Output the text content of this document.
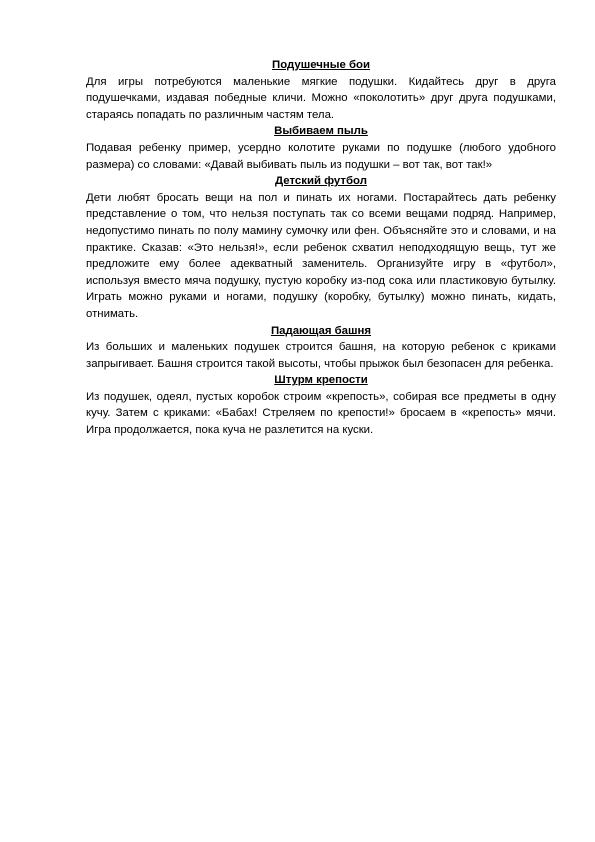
Подушечные бои

Для игры потребуются маленькие мягкие подушки. Кидайтесь друг в друга подушечками, издавая победные кличи. Можно «поколотить» друг друга подушками, стараясь попадать по различным частям тела.

Выбиваем пыль

Подавая ребенку пример, усердно колотите руками по подушке (любого удобного размера) со словами: «Давай выбивать пыль из подушки – вот так, вот так!»

Детский футбол

Дети любят бросать вещи на пол и пинать их ногами. Постарайтесь дать ребенку представление о том, что нельзя поступать так со всеми вещами подряд. Например, недопустимо пинать по полу мамину сумочку или фен. Объясняйте это и словами, и на практике. Сказав: «Это нельзя!», если ребенок схватил неподходящую вещь, тут же предложите ему более адекватный заменитель. Организуйте игру в «футбол», используя вместо мяча подушку, пустую коробку из-под сока или пластиковую бутылку. Играть можно руками и ногами, подушку (коробку, бутылку) можно пинать, кидать, отнимать.

Падающая башня

Из больших и маленьких подушек строится башня, на которую ребенок с криками запрыгивает. Башня строится такой высоты, чтобы прыжок был безопасен для ребенка.

Штурм крепости

Из подушек, одеял, пустых коробок строим «крепость», собирая все предметы в одну кучу. Затем с криками: «Бабах! Стреляем по крепости!» бросаем в «крепость» мячи. Игра продолжается, пока куча не разлетится на куски.
